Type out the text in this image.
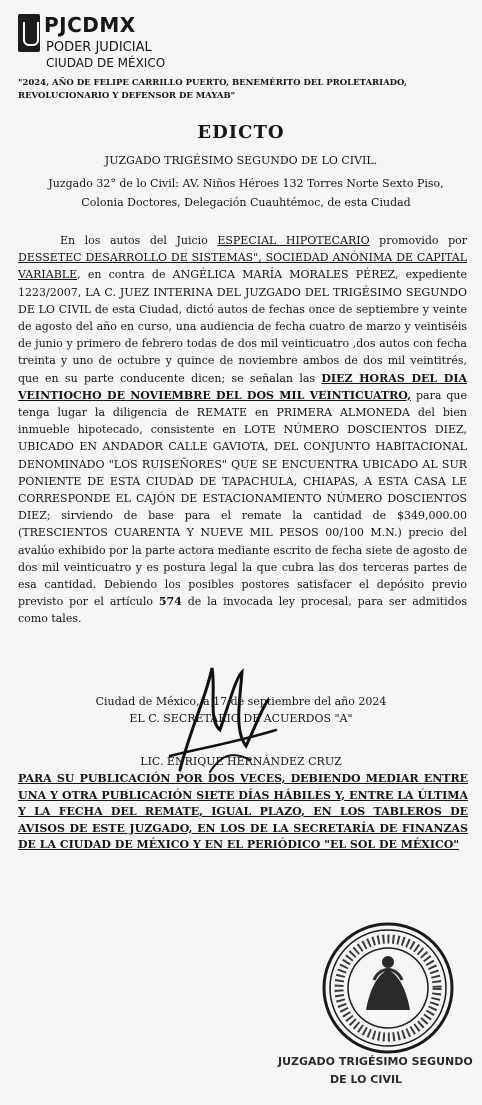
PJCDMX
PODER JUDICIAL
CIUDAD DE MÉXICO
"2024, AÑO DE FELIPE CARRILLO PUERTO, BENEMÉRITO DEL PROLETARIADO, REVOLUCIONARIO Y DEFENSOR DE MAYAB"
EDICTO
JUZGADO TRIGÉSIMO SEGUNDO DE LO CIVIL.
Juzgado 32° de lo Civil: AV. Niños Héroes 132 Torres Norte Sexto Piso, Colonia Doctores, Delegación Cuauhtémoc, de esta Ciudad
En los autos del Juicio ESPECIAL HIPOTECARIO promovido por DESSETEC DESARROLLO DE SISTEMAS", SOCIEDAD ANÓNIMA DE CAPITAL VARIABLE, en contra de ANGÉLICA MARÍA MORALES PÉREZ, expediente 1223/2007, LA C. JUEZ INTERINA DEL JUZGADO DEL TRIGÉSIMO SEGUNDO DE LO CIVIL de esta Ciudad, dictó autos de fechas once de septiembre y veinte de agosto del año en curso, una audiencia de fecha cuatro de marzo y veintiséis de junio y primero de febrero todas de dos mil veinticuatro ,dos autos con fecha treinta y uno de octubre y quince de noviembre ambos de dos mil veintitrés, que en su parte conducente dicen; se señalan las DIEZ HORAS DEL DIA VEINTIOCHO DE NOVIEMBRE DEL DOS MIL VEINTICUATRO, para que tenga lugar la diligencia de REMATE en PRIMERA ALMONEDA del bien inmueble hipotecado, consistente en LOTE NÚMERO DOSCIENTOS DIEZ, UBICADO EN ANDADOR CALLE GAVIOTA, DEL CONJUNTO HABITACIONAL DENOMINADO "LOS RUISEÑORES" QUE SE ENCUENTRA UBICADO AL SUR PONIENTE DE ESTA CIUDAD DE TAPACHULA, CHIAPAS, A ESTA CASA LE CORRESPONDE EL CAJÓN DE ESTACIONAMIENTO NÚMERO DOSCIENTOS DIEZ; sirviendo de base para el remate la cantidad de $349,000.00 (TRESCIENTOS CUARENTA Y NUEVE MIL PESOS 00/100 M.N.) precio del avalúo exhibido por la parte actora mediante escrito de fecha siete de agosto de dos mil veinticuatro y es postura legal la que cubra las dos terceras partes de esa cantidad. Debiendo los posibles postores satisfacer el depósito previo previsto por el artículo 574 de la invocada ley procesal, para ser admitidos como tales.
Ciudad de México, a 17 de septiembre del año 2024
EL C. SECRETARIO DE ACUERDOS "A"
LIC. ENRIQUE HERNÁNDEZ CRUZ
PARA SU PUBLICACIÓN POR DOS VECES, DEBIENDO MEDIAR ENTRE UNA Y OTRA PUBLICACIÓN SIETE DÍAS HÁBILES Y, ENTRE LA ÚLTIMA Y LA FECHA DEL REMATE, IGUAL PLAZO, EN LOS TABLEROS DE AVISOS DE ESTE JUZGADO, EN LOS DE LA SECRETARÍA DE FINANZAS DE LA CIUDAD DE MÉXICO Y EN EL PERIÓDICO "EL SOL DE MÉXICO"
JUZGADO TRIGÉSIMO SEGUNDO
DE LO CIVIL
